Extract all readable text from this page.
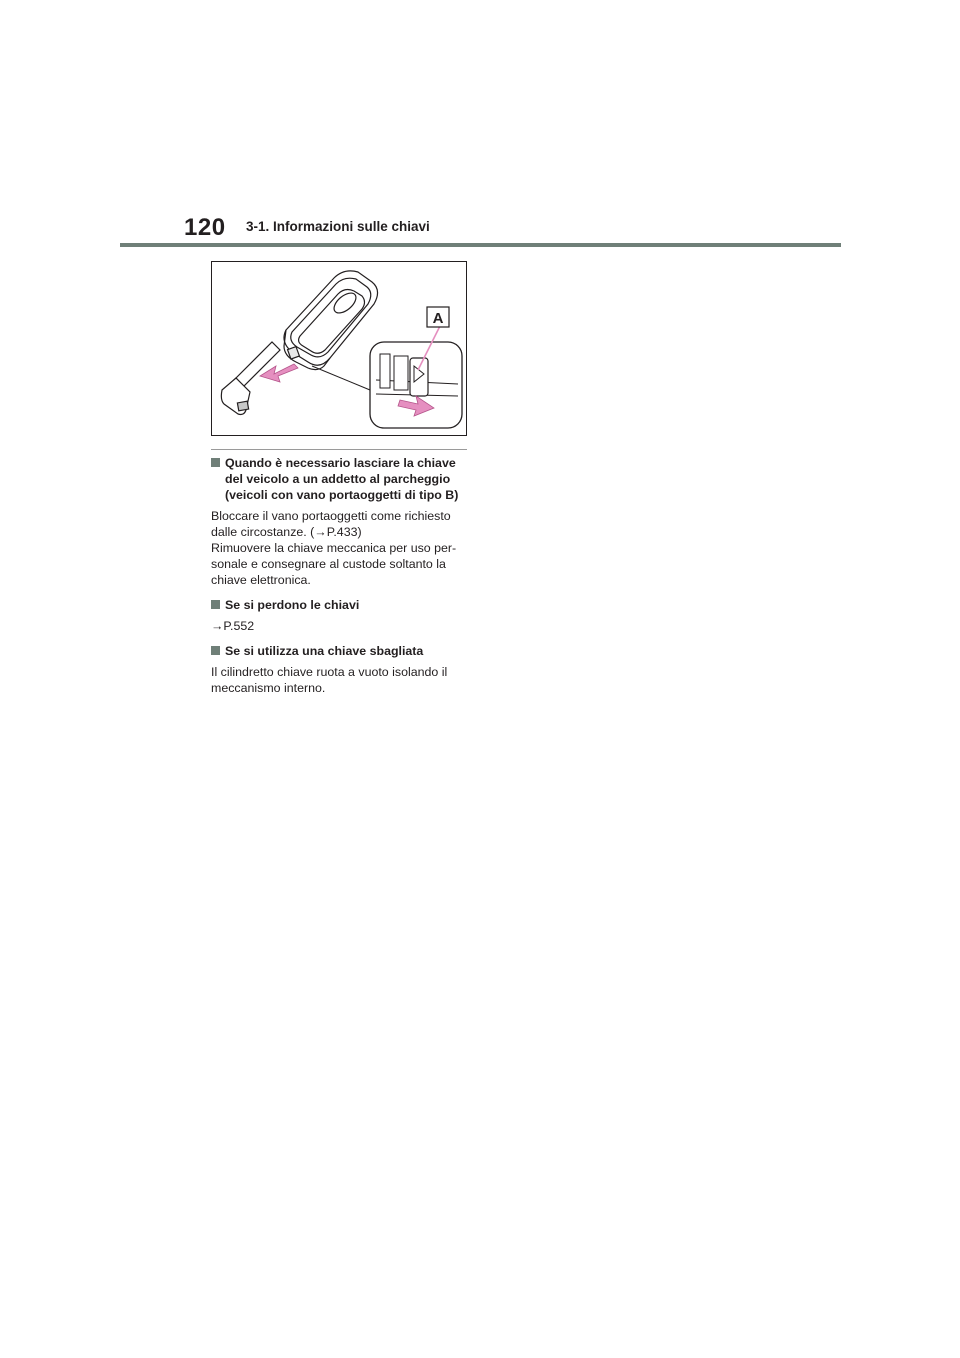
120 3-1. Informazioni sulle chiavi
A
Quando è necessario lasciare la chiave del veicolo a un addetto al parcheggio (veicoli con vano portaoggetti di tipo B)
Bloccare il vano portaoggetti come richiesto
dalle circostanze. (→P.433)
Rimuovere la chiave meccanica per uso per-
sonale e consegnare al custode soltanto la
chiave elettronica.
Se si perdono le chiavi
→P.552
Se si utilizza una chiave sbagliata
Il cilindretto chiave ruota a vuoto isolando il
meccanismo interno.
